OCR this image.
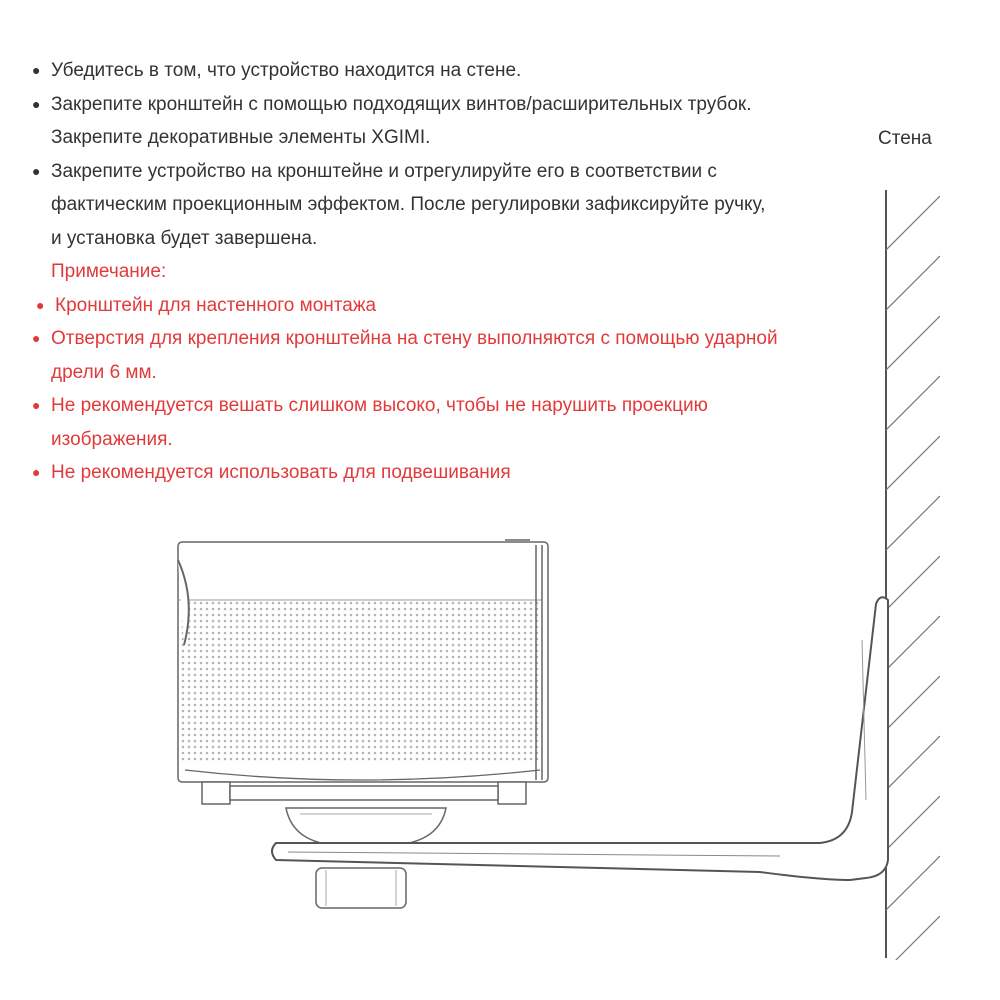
● Убедитесь в том, что устройство находится на стене.
● Закрепите кронштейн с помощью подходящих винтов/расширительных трубок.
Закрепите декоративные элементы XGIMI.
● Закрепите устройство на кронштейне и отрегулируйте его в соответствии с
фактическим проекционным эффектом. После регулировки зафиксируйте ручку,
и установка будет завершена.
Примечание:
● Кронштейн для настенного монтажа
● Отверстия для крепления кронштейна на стену выполняются с помощью ударной
дрели 6 мм.
● Не рекомендуется вешать слишком высоко, чтобы не нарушить проекцию
изображения.
● Не рекомендуется использовать для подвешивания
Стена
